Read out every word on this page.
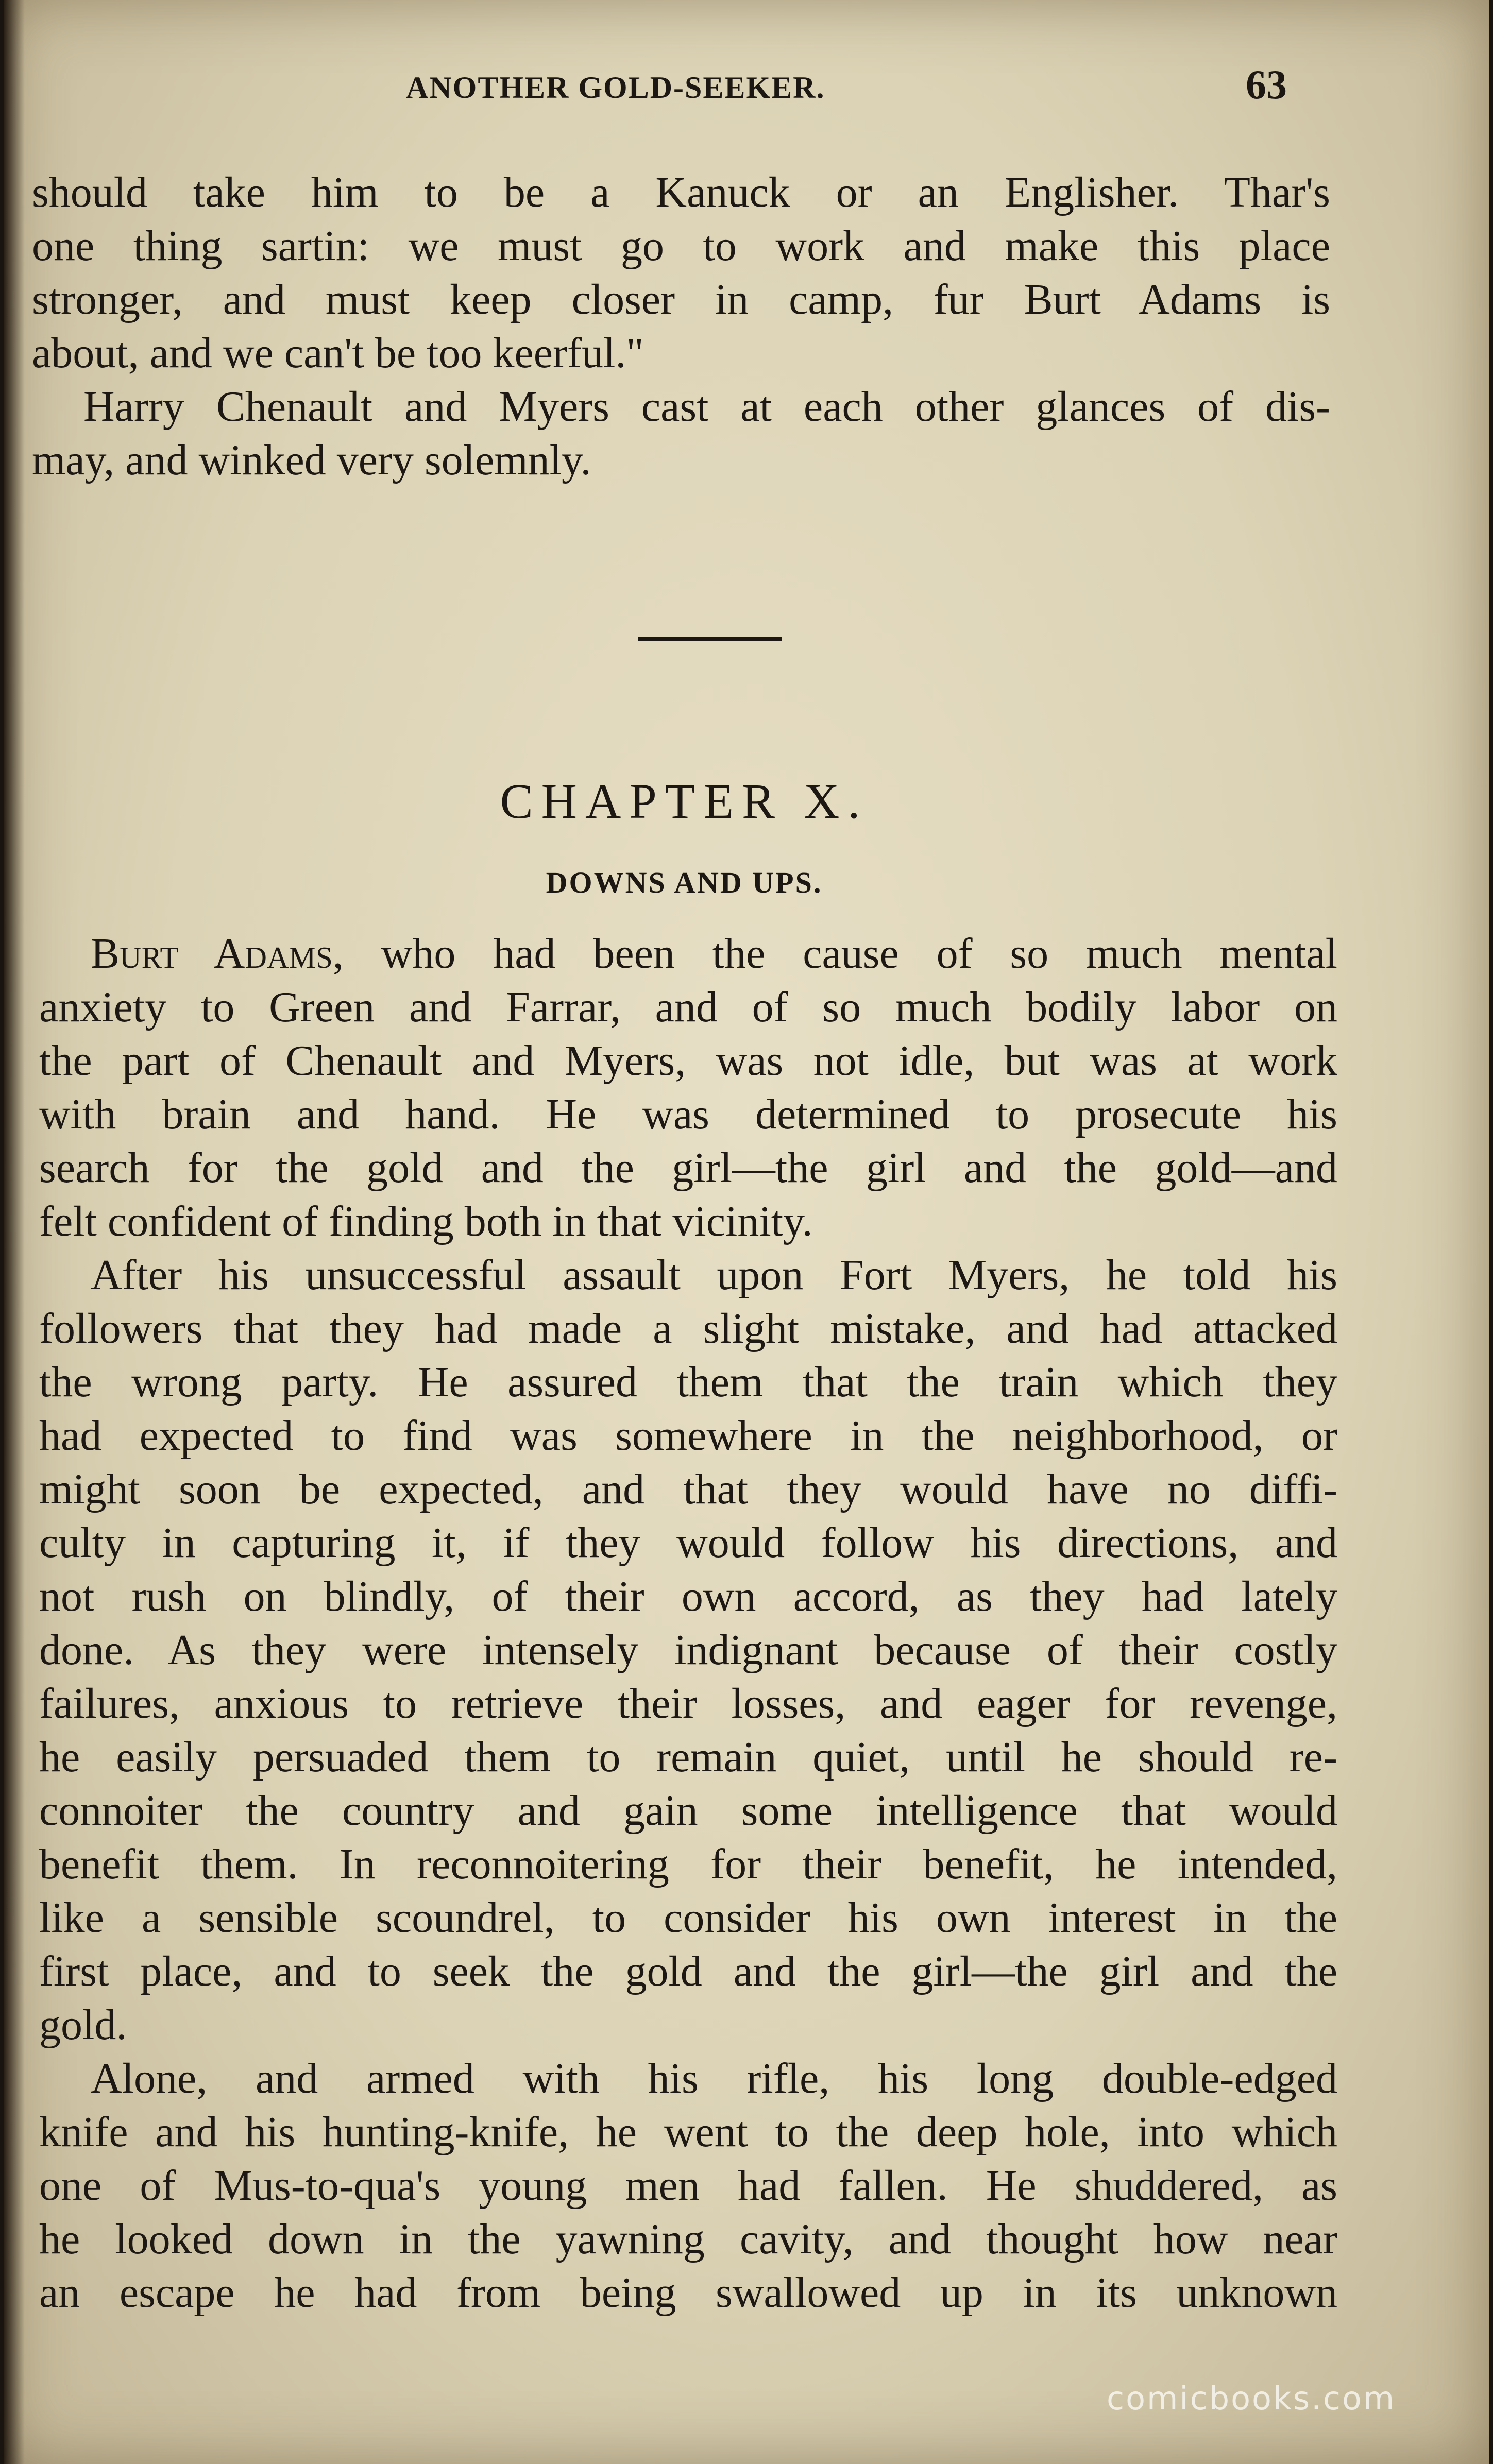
ANOTHER GOLD-SEEKER.	63
should take him to be a Kanuck or an Englisher. Thar's
one thing sartin: we must go to work and make this place
stronger, and must keep closer in camp, fur Burt Adams is
about, and we can't be too keerful."
Harry Chenault and Myers cast at each other glances of dis-
may, and winked very solemnly.
CHAPTER X.
DOWNS AND UPS.
Burt Adams, who had been the cause of so much mental
anxiety to Green and Farrar, and of so much bodily labor on
the part of Chenault and Myers, was not idle, but was at work
with brain and hand. He was determined to prosecute his
search for the gold and the girl—the girl and the gold—and
felt confident of finding both in that vicinity.
After his unsuccessful assault upon Fort Myers, he told his
followers that they had made a slight mistake, and had attacked
the wrong party. He assured them that the train which they
had expected to find was somewhere in the neighborhood, or
might soon be expected, and that they would have no diffi-
culty in capturing it, if they would follow his directions, and
not rush on blindly, of their own accord, as they had lately
done. As they were intensely indignant because of their costly
failures, anxious to retrieve their losses, and eager for revenge,
he easily persuaded them to remain quiet, until he should re-
connoiter the country and gain some intelligence that would
benefit them. In reconnoitering for their benefit, he intended,
like a sensible scoundrel, to consider his own interest in the
first place, and to seek the gold and the girl—the girl and the
gold.
Alone, and armed with his rifle, his long double-edged
knife and his hunting-knife, he went to the deep hole, into which
one of Mus-to-qua's young men had fallen. He shuddered, as
he looked down in the yawning cavity, and thought how near
an escape he had from being swallowed up in its unknown
comicbooks.com
